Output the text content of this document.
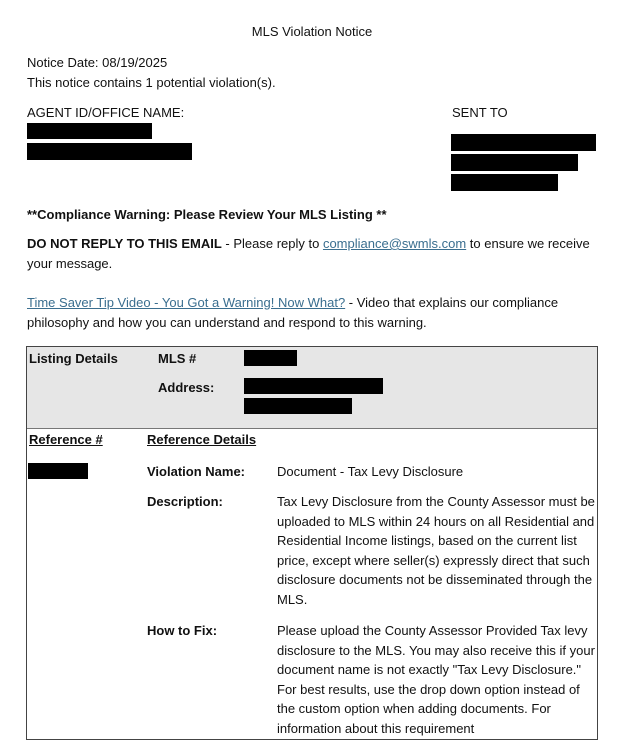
MLS Violation Notice
Notice Date: 08/19/2025
This notice contains 1 potential violation(s).
AGENT ID/OFFICE NAME:	SENT TO
**Compliance Warning: Please Review Your MLS Listing **
DO NOT REPLY TO THIS EMAIL - Please reply to compliance@swmls.com to ensure we receive your message.
Time Saver Tip Video - You Got a Warning! Now What? - Video that explains our compliance philosophy and how you can understand and respond to this warning.
Listing Details	MLS #
Address:
Reference #	Reference Details
Violation Name: Document - Tax Levy Disclosure
Description:	Tax Levy Disclosure from the County Assessor must be uploaded to MLS within 24 hours on all Residential and Residential Income listings, based on the current list price, except where seller(s) expressly direct that such disclosure documents not be disseminated through the MLS.
How to Fix:	Please upload the County Assessor Provided Tax levy disclosure to the MLS. You may also receive this if your document name is not exactly "Tax Levy Disclosure." For best results, use the drop down option instead of the custom option when adding documents. For information about this requirement
